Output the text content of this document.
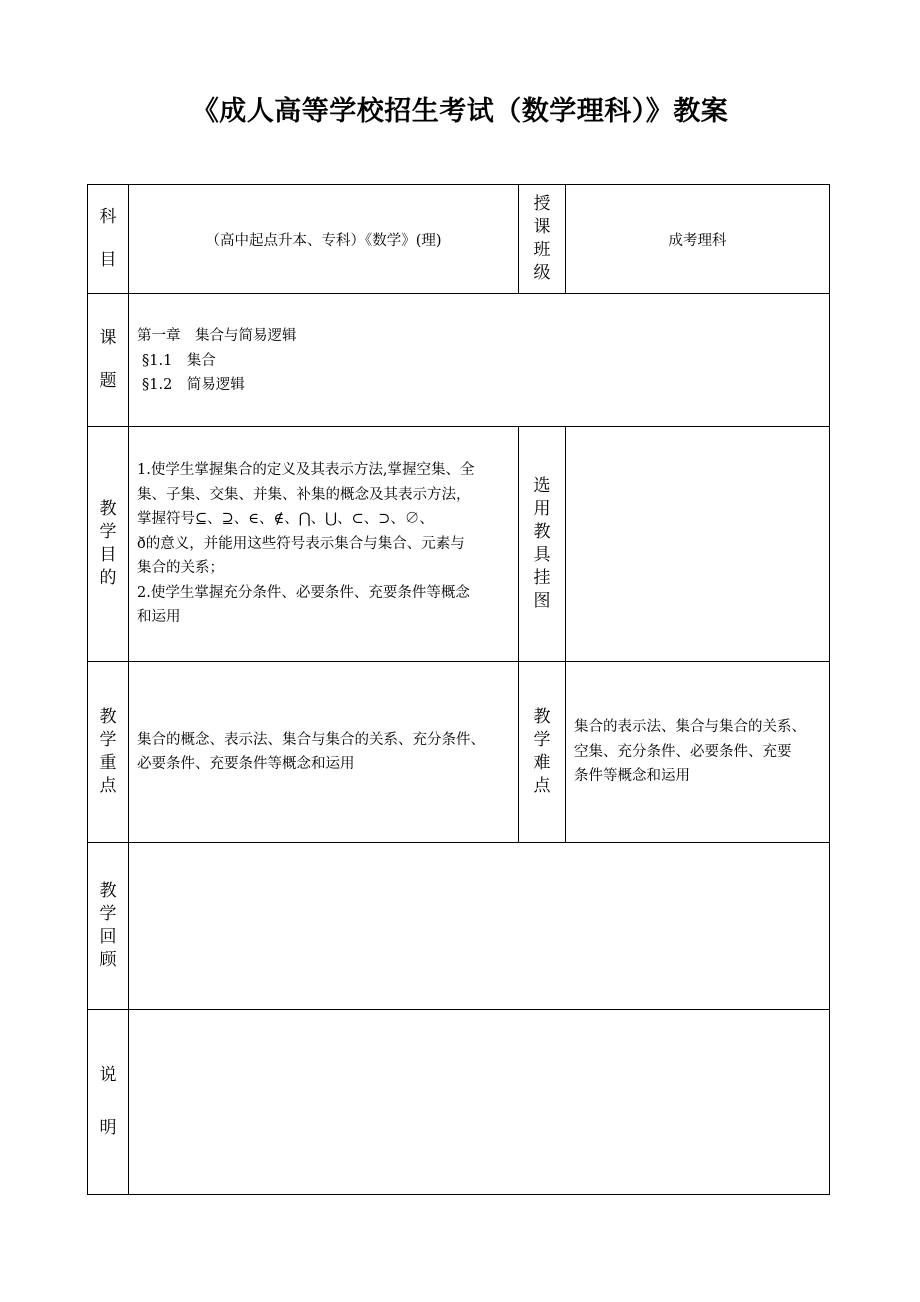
《成人高等学校招生考试（数学理科）》教案
科
目
（高中起点升本、专科）《数学》(理)
授
课
班
级
成考理科
课
题

第一章　集合与简易逻辑

§1.1　集合

§1.2　简易逻辑

教
学
目
的

1.使学生掌握集合的定义及其表示方法,掌握空集、全

集、子集、交集、并集、补集的概念及其表示方法，

掌握符号⊆、⊇、∈、∉、⋂、⋃、⊂、⊃、∅、

ð的意义，并能用这些符号表示集合与集合、元素与

集合的关系；

2.使学生掌握充分条件、必要条件、充要条件等概念

和运用

选
用
教
具
挂
图
教
学
重
点

集合的概念、表示法、集合与集合的关系、充分条件、

必要条件、充要条件等概念和运用

教
学
难
点

集合的表示法、集合与集合的关系、

空集、充分条件、必要条件、充要

条件等概念和运用

教
学
回
顾
说
明
